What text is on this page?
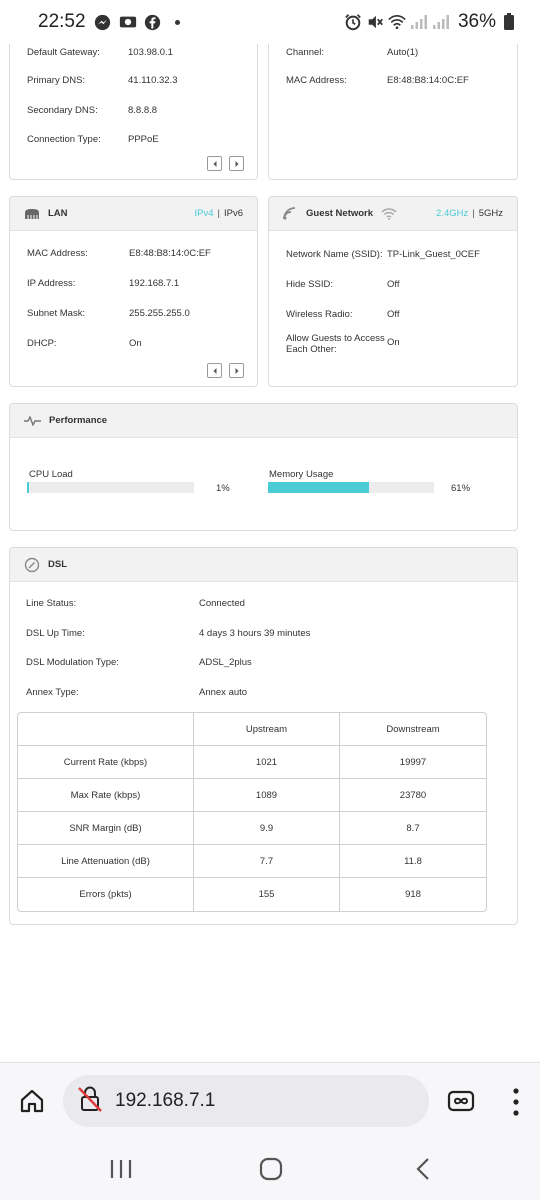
22:52	36%
Default Gateway:	103.98.0.1
Primary DNS:	41.110.32.3
Secondary DNS:	8.8.8.8
Connection Type:	PPPoE
Channel:	Auto(1)
MAC Address:	E8:48:B8:14:0C:EF
LAN	IPv4 | IPv6
MAC Address:	E8:48:B8:14:0C:EF
IP Address:	192.168.7.1
Subnet Mask:	255.255.255.0
DHCP:	On
Guest Network	2.4GHz | 5GHz
Network Name (SSID): TP-Link_Guest_0CEF
Hide SSID:	Off
Wireless Radio:	Off
Allow Guests to Access Each Other:
On
Performance
CPU Load
1%
Memory Usage
61%
DSL
Line Status:	Connected
DSL Up Time:	4 days 3 hours 39 minutes
DSL Modulation Type:	ADSL_2plus
Annex Type:	Annex auto
	Upstream	Downstream
Current Rate (kbps)	1021	19997
Max Rate (kbps)	1089	23780
SNR Margin (dB)	9.9	8.7
Line Attenuation (dB)	7.7	11.8
Errors (pkts)	155	918
192.168.7.1
